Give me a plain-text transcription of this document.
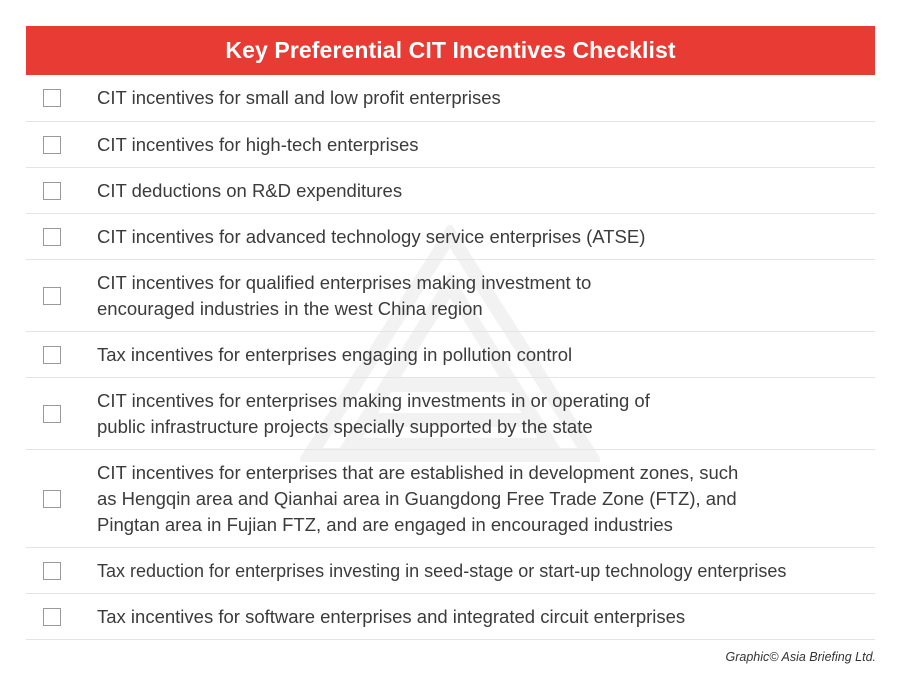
Key Preferential CIT Incentives Checklist
CIT incentives for small and low profit enterprises
CIT incentives for high-tech enterprises
CIT deductions on R&D expenditures
CIT incentives for advanced technology service enterprises (ATSE)
CIT incentives for qualified enterprises making investment to
encouraged industries in the west China region
Tax incentives for enterprises engaging in pollution control
CIT incentives for enterprises making investments in or operating of
public infrastructure projects specially supported by the state
CIT incentives for enterprises that are established in development zones, such
as Hengqin area and Qianhai area in Guangdong Free Trade Zone (FTZ), and
Pingtan area in Fujian FTZ, and are engaged in encouraged industries
Tax reduction for enterprises investing in seed-stage or start-up technology enterprises
Tax incentives for software enterprises and integrated circuit enterprises
Graphic© Asia Briefing Ltd.
